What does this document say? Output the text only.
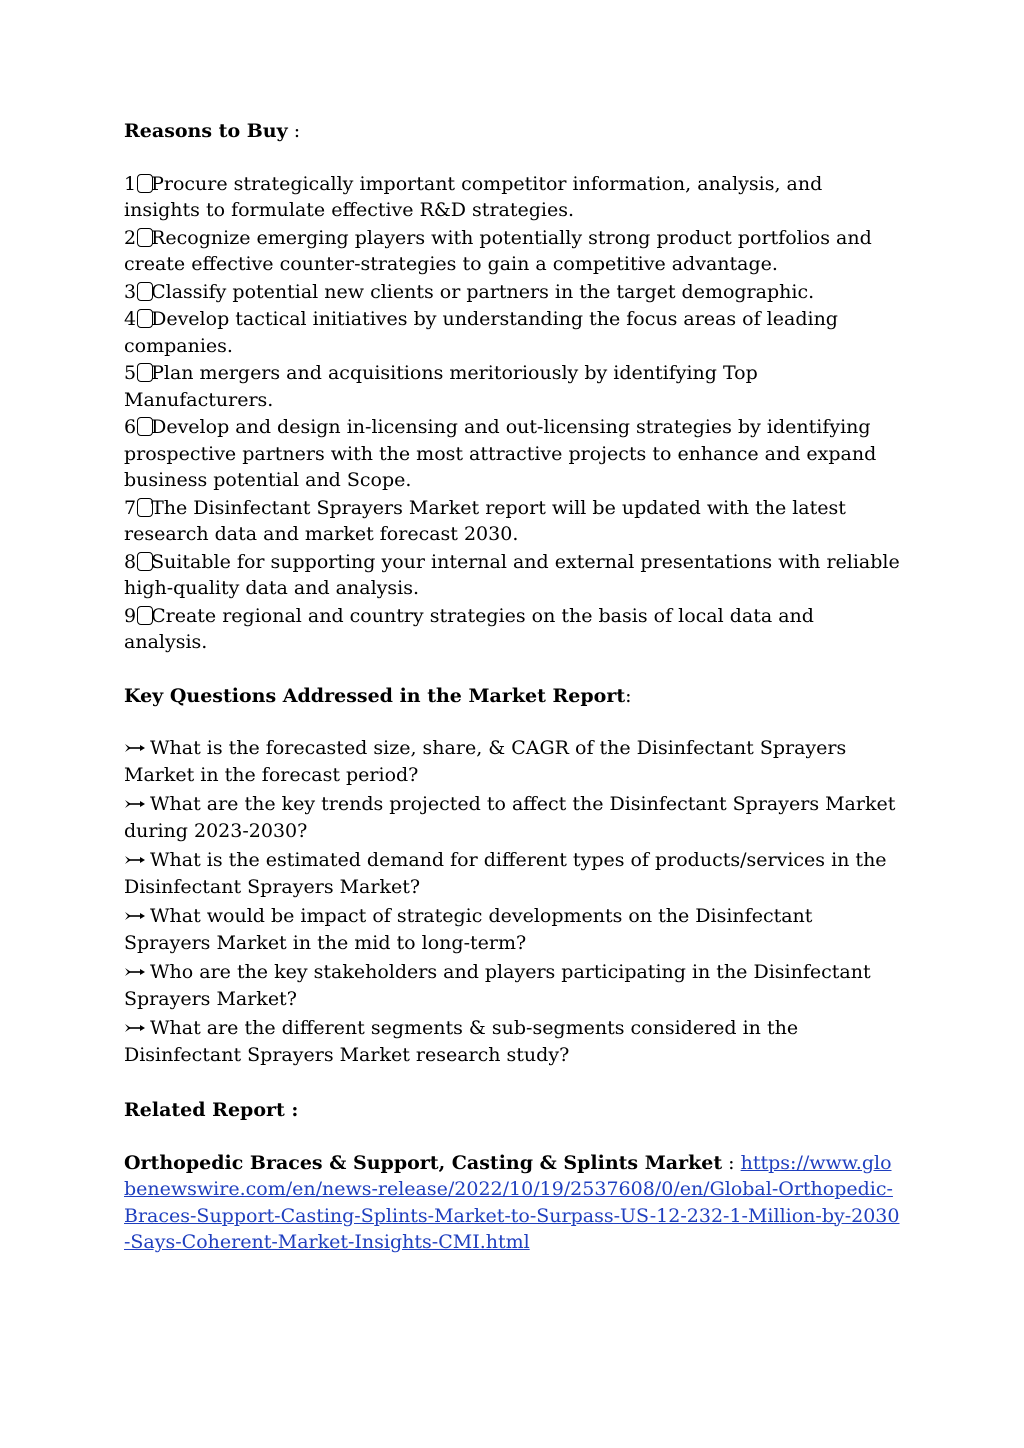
Reasons to Buy :

1 Procure strategically important competitor information, analysis, and insights to formulate effective R&D strategies.
2 Recognize emerging players with potentially strong product portfolios and create effective counter-strategies to gain a competitive advantage.
3 Classify potential new clients or partners in the target demographic.
4 Develop tactical initiatives by understanding the focus areas of leading companies.
5 Plan mergers and acquisitions meritoriously by identifying Top Manufacturers.
6 Develop and design in-licensing and out-licensing strategies by identifying prospective partners with the most attractive projects to enhance and expand business potential and Scope.
7 The Disinfectant Sprayers Market report will be updated with the latest research data and market forecast 2030.
8 Suitable for supporting your internal and external presentations with reliable high-quality data and analysis.
9 Create regional and country strategies on the basis of local data and analysis.

Key Questions Addressed in the Market Report:

What is the forecasted size, share, & CAGR of the Disinfectant Sprayers Market in the forecast period?
What are the key trends projected to affect the Disinfectant Sprayers Market during 2023-2030?
What is the estimated demand for different types of products/services in the Disinfectant Sprayers Market?
What would be impact of strategic developments on the Disinfectant Sprayers Market in the mid to long-term?
Who are the key stakeholders and players participating in the Disinfectant Sprayers Market?
What are the different segments & sub-segments considered in the Disinfectant Sprayers Market research study?

Related Report :

Orthopedic Braces & Support, Casting & Splints Market : https://www.globenewswire.com/en/news-release/2022/10/19/2537608/0/en/Global-Orthopedic-Braces-Support-Casting-Splints-Market-to-Surpass-US-12-232-1-Million-by-2030-Says-Coherent-Market-Insights-CMI.html
